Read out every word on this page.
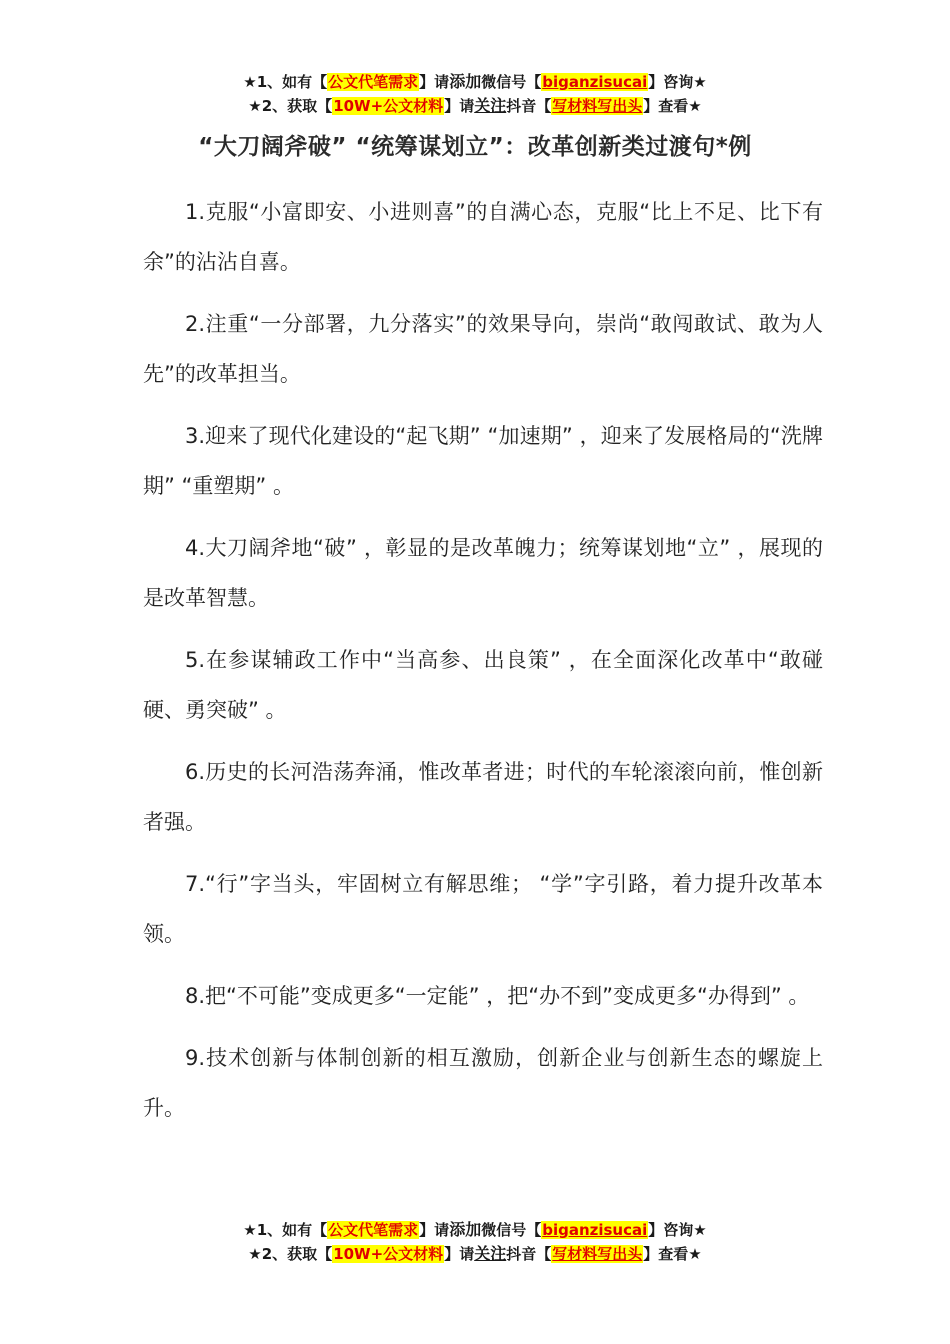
★1、如有【公文代笔需求】请添加微信号【biganzisucai】咨询★
★2、获取【10W+公文材料】请关注抖音【写材料写出头】查看★
“大刀阔斧破” “统筹谋划立”：改革创新类过渡句*例

1.克服“小富即安、小进则喜”的自满心态，克服“比上不足、比下有余”的沾沾自喜。

2.注重“一分部署，九分落实”的效果导向，崇尚“敢闯敢试、敢为人先”的改革担当。

3.迎来了现代化建设的“起飞期” “加速期” ，迎来了发展格局的“洗牌期” “重塑期” 。

4.大刀阔斧地“破” ，彰显的是改革魄力；统筹谋划地“立” ，展现的是改革智慧。

5.在参谋辅政工作中“当高参、出良策” ，在全面深化改革中“敢碰硬、勇突破” 。

6.历史的长河浩荡奔涌，惟改革者进；时代的车轮滚滚向前，惟创新者强。

7.“行”字当头，牢固树立有解思维； “学”字引路，着力提升改革本领。

8.把“不可能”变成更多“一定能” ，把“办不到”变成更多“办得到” 。

9.技术创新与体制创新的相互激励，创新企业与创新生态的螺旋上升。

★1、如有【公文代笔需求】请添加微信号【biganzisucai】咨询★
★2、获取【10W+公文材料】请关注抖音【写材料写出头】查看★
